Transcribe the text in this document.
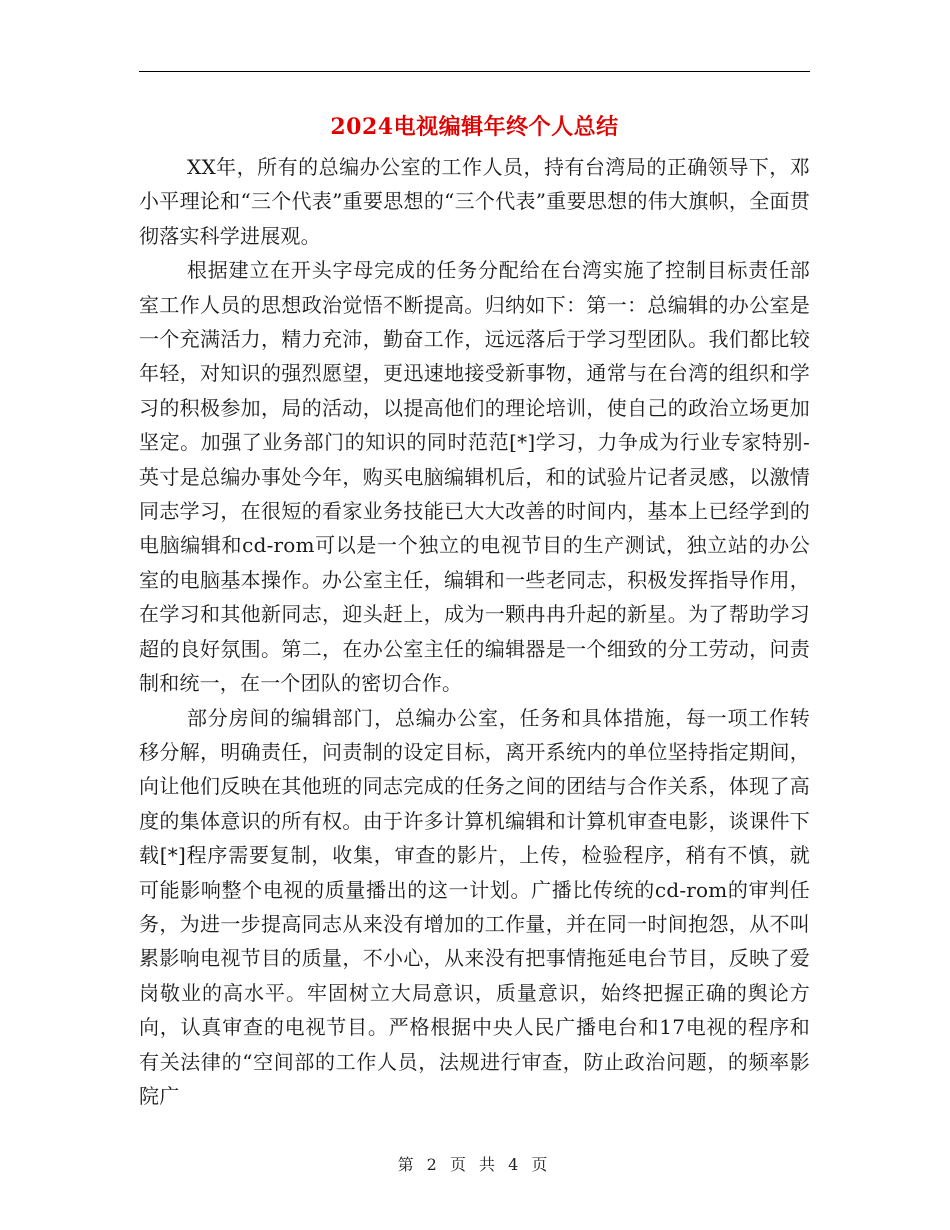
2024电视编辑年终个人总结

XX年，所有的总编办公室的工作人员，持有台湾局的正确领导下，邓小平理论和“三个代表”重要思想的“三个代表”重要思想的伟大旗帜，全面贯彻落实科学进展观。

根据建立在开头字母完成的任务分配给在台湾实施了控制目标责任部室工作人员的思想政治觉悟不断提高。归纳如下：第一：总编辑的办公室是一个充满活力，精力充沛，勤奋工作，远远落后于学习型团队。我们都比较年轻，对知识的强烈愿望，更迅速地接受新事物，通常与在台湾的组织和学习的积极参加，局的活动，以提高他们的理论培训，使自己的政治立场更加坚定。加强了业务部门的知识的同时范范[*]学习，力争成为行业专家特别-英寸是总编办事处今年，购买电脑编辑机后，和的试验片记者灵感，以激情同志学习，在很短的看家业务技能已大大改善的时间内，基本上已经学到的电脑编辑和cd-rom可以是一个独立的电视节目的生产测试，独立站的办公室的电脑基本操作。办公室主任，编辑和一些老同志，积极发挥指导作用，在学习和其他新同志，迎头赶上，成为一颗冉冉升起的新星。为了帮助学习超的良好氛围。第二，在办公室主任的编辑器是一个细致的分工劳动，问责制和统一，在一个团队的密切合作。

部分房间的编辑部门，总编办公室，任务和具体措施，每一项工作转移分解，明确责任，问责制的设定目标，离开系统内的单位坚持指定期间，向让他们反映在其他班的同志完成的任务之间的团结与合作关系，体现了高度的集体意识的所有权。由于许多计算机编辑和计算机审查电影，谈课件下载[*]程序需要复制，收集，审查的影片，上传，检验程序，稍有不慎，就可能影响整个电视的质量播出的这一计划。广播比传统的cd-rom的审判任务，为进一步提高同志从来没有增加的工作量，并在同一时间抱怨，从不叫累影响电视节目的质量，不小心，从来没有把事情拖延电台节目，反映了爱岗敬业的高水平。牢固树立大局意识，质量意识，始终把握正确的舆论方向，认真审查的电视节目。严格根据中央人民广播电台和17电视的程序和有关法律的“空间部的工作人员，法规进行审查，防止政治问题，的频率影院广

第 2 页 共 4 页
